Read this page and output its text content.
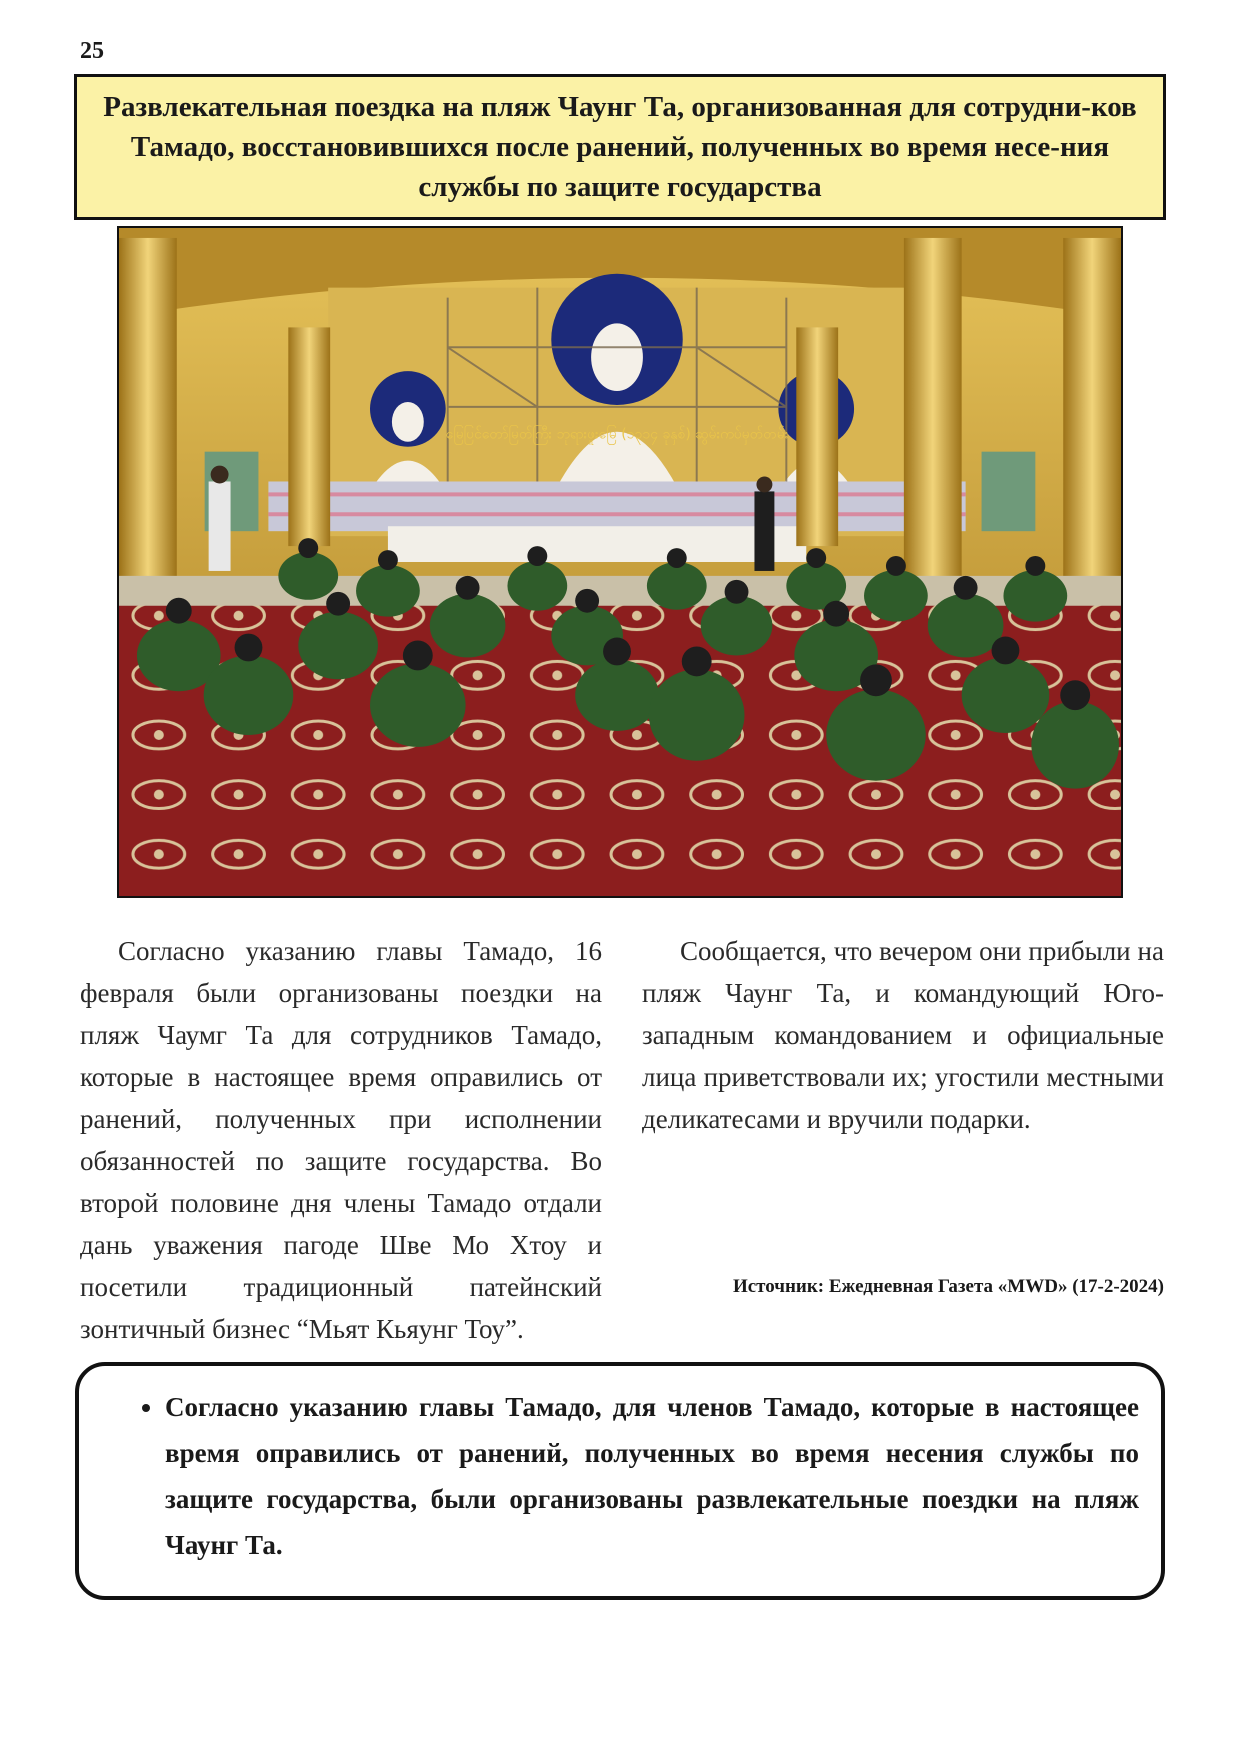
25
Развлекательная поездка на пляж Чаунг Та, организованная для сотрудни-ков Тамадо, восстановившихся после ранений, полученных во время несе-ния службы по защите государства
မြေပြင်တော်မြတ်ကြီး ဘုရားဖူးမြေ (၁၃၁၄ ခုနှစ်) ဆွမ်းကပ်မှတ်တမ်း

Согласно указанию главы Тамадо, 16 февраля были организованы поездки на пляж Чаумг Та для сотрудников Тамадо, которые в настоящее время оправились от ранений, полученных при исполнении обязанностей по защите государства. Во второй половине дня члены Тамадо отдали дань уважения пагоде Шве Мо Хтоу и посетили традиционный патейнский зонтичный бизнес “Мьят Кьяунг Тоу”.

Сообщается, что вечером они прибыли на пляж Чаунг Та, и командующий Юго-западным командованием и официальные лица приветствовали их; угостили местными деликатесами и вручили подарки.

Источник: Ежедневная Газета «MWD» (17-2-2024)
• Согласно указанию главы Тамадо, для членов Тамадо, которые в настоящее время оправились от ранений, полученных во время несения службы по защите государства, были организованы развлекательные поездки на пляж Чаунг Та.
